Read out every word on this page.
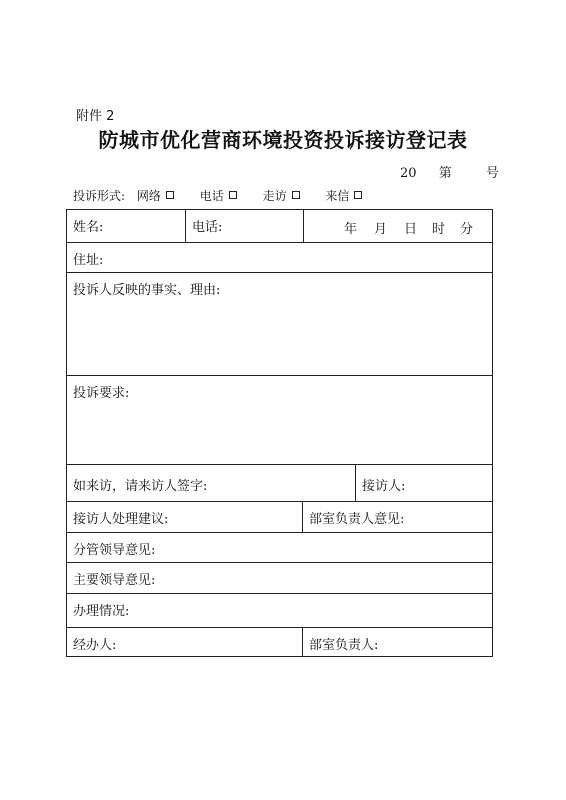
附件 2
防城市优化营商环境投资投诉接访登记表
20 第	号
投诉形式: 网络	电话	走访	来信
姓名:	电话:	年 月 日 时 分
住址:
投诉人反映的事实、理由:
投诉要求:
如来访，请来访人签字:	接访人:
接访人处理建议:	部室负责人意见:
分管领导意见:
主要领导意见:
办理情况:
经办人:	部室负责人:
